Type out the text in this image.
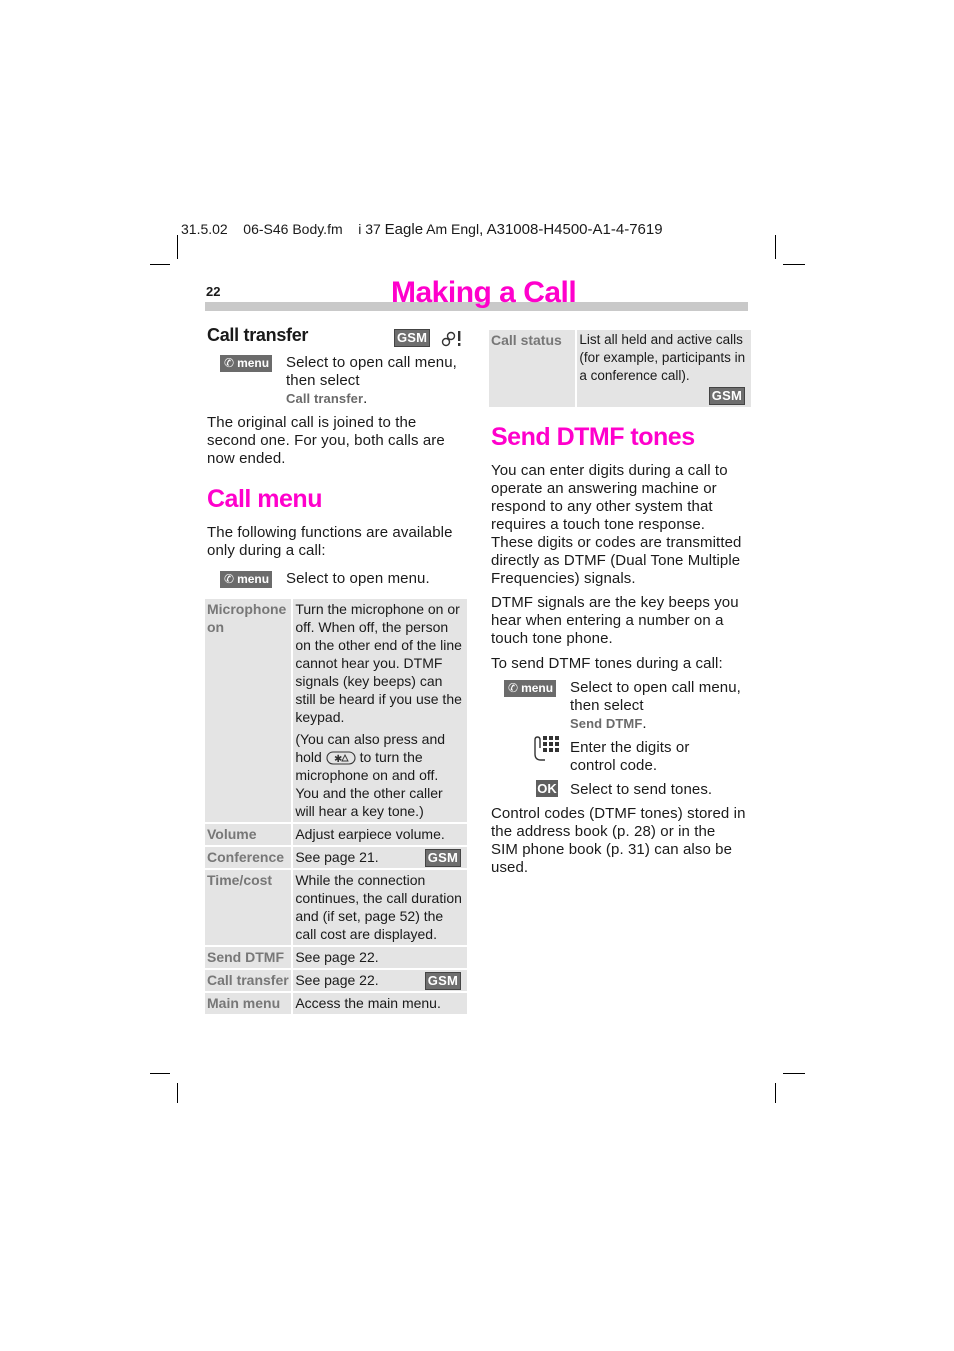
31.5.02 06-S46 Body.fm i 37 Eagle Am Engl, A31008-H4500-A1-4-7619
22	Making a Call
Call transfer	GSM
✆ menu Select to open call menu, then select
Call transfer.
The original call is joined to the second one. For you, both calls are now ended.
Call menu
The following functions are available only during a call:
✆ menu Select to open menu.
Microphone on	Turn the microphone on or off. When off, the person on the other end of the line cannot hear you. DTMF signals (key beeps) can still be heard if you use the keypad.
(You can also press and hold ✱ to turn the microphone on and off. You and the other caller will hear a key tone.)

Volume	Adjust earpiece volume.
Conference	See page 21. GSM

Time/cost	While the connection continues, the call duration and (if set, page 52) the call cost are displayed.
Send DTMF	See page 22.
Call transfer	See page 22. GSM

Main menu	Access the main menu.
Call status	List all held and active calls (for example, participants in a conference call).
GSM
Send DTMF tones
You can enter digits during a call to operate an answering machine or respond to any other system that requires a touch tone response. These digits or codes are transmitted directly as DTMF (Dual Tone Multiple Frequencies) signals.
DTMF signals are the key beeps you hear when entering a number on a touch tone phone.
To send DTMF tones during a call:
✆ menu Select to open call menu, then select
Send DTMF.
Enter the digits or control code.
OK Select to send tones.
Control codes (DTMF tones) stored in the address book (p. 28) or in the SIM phone book (p. 31) can also be used.
